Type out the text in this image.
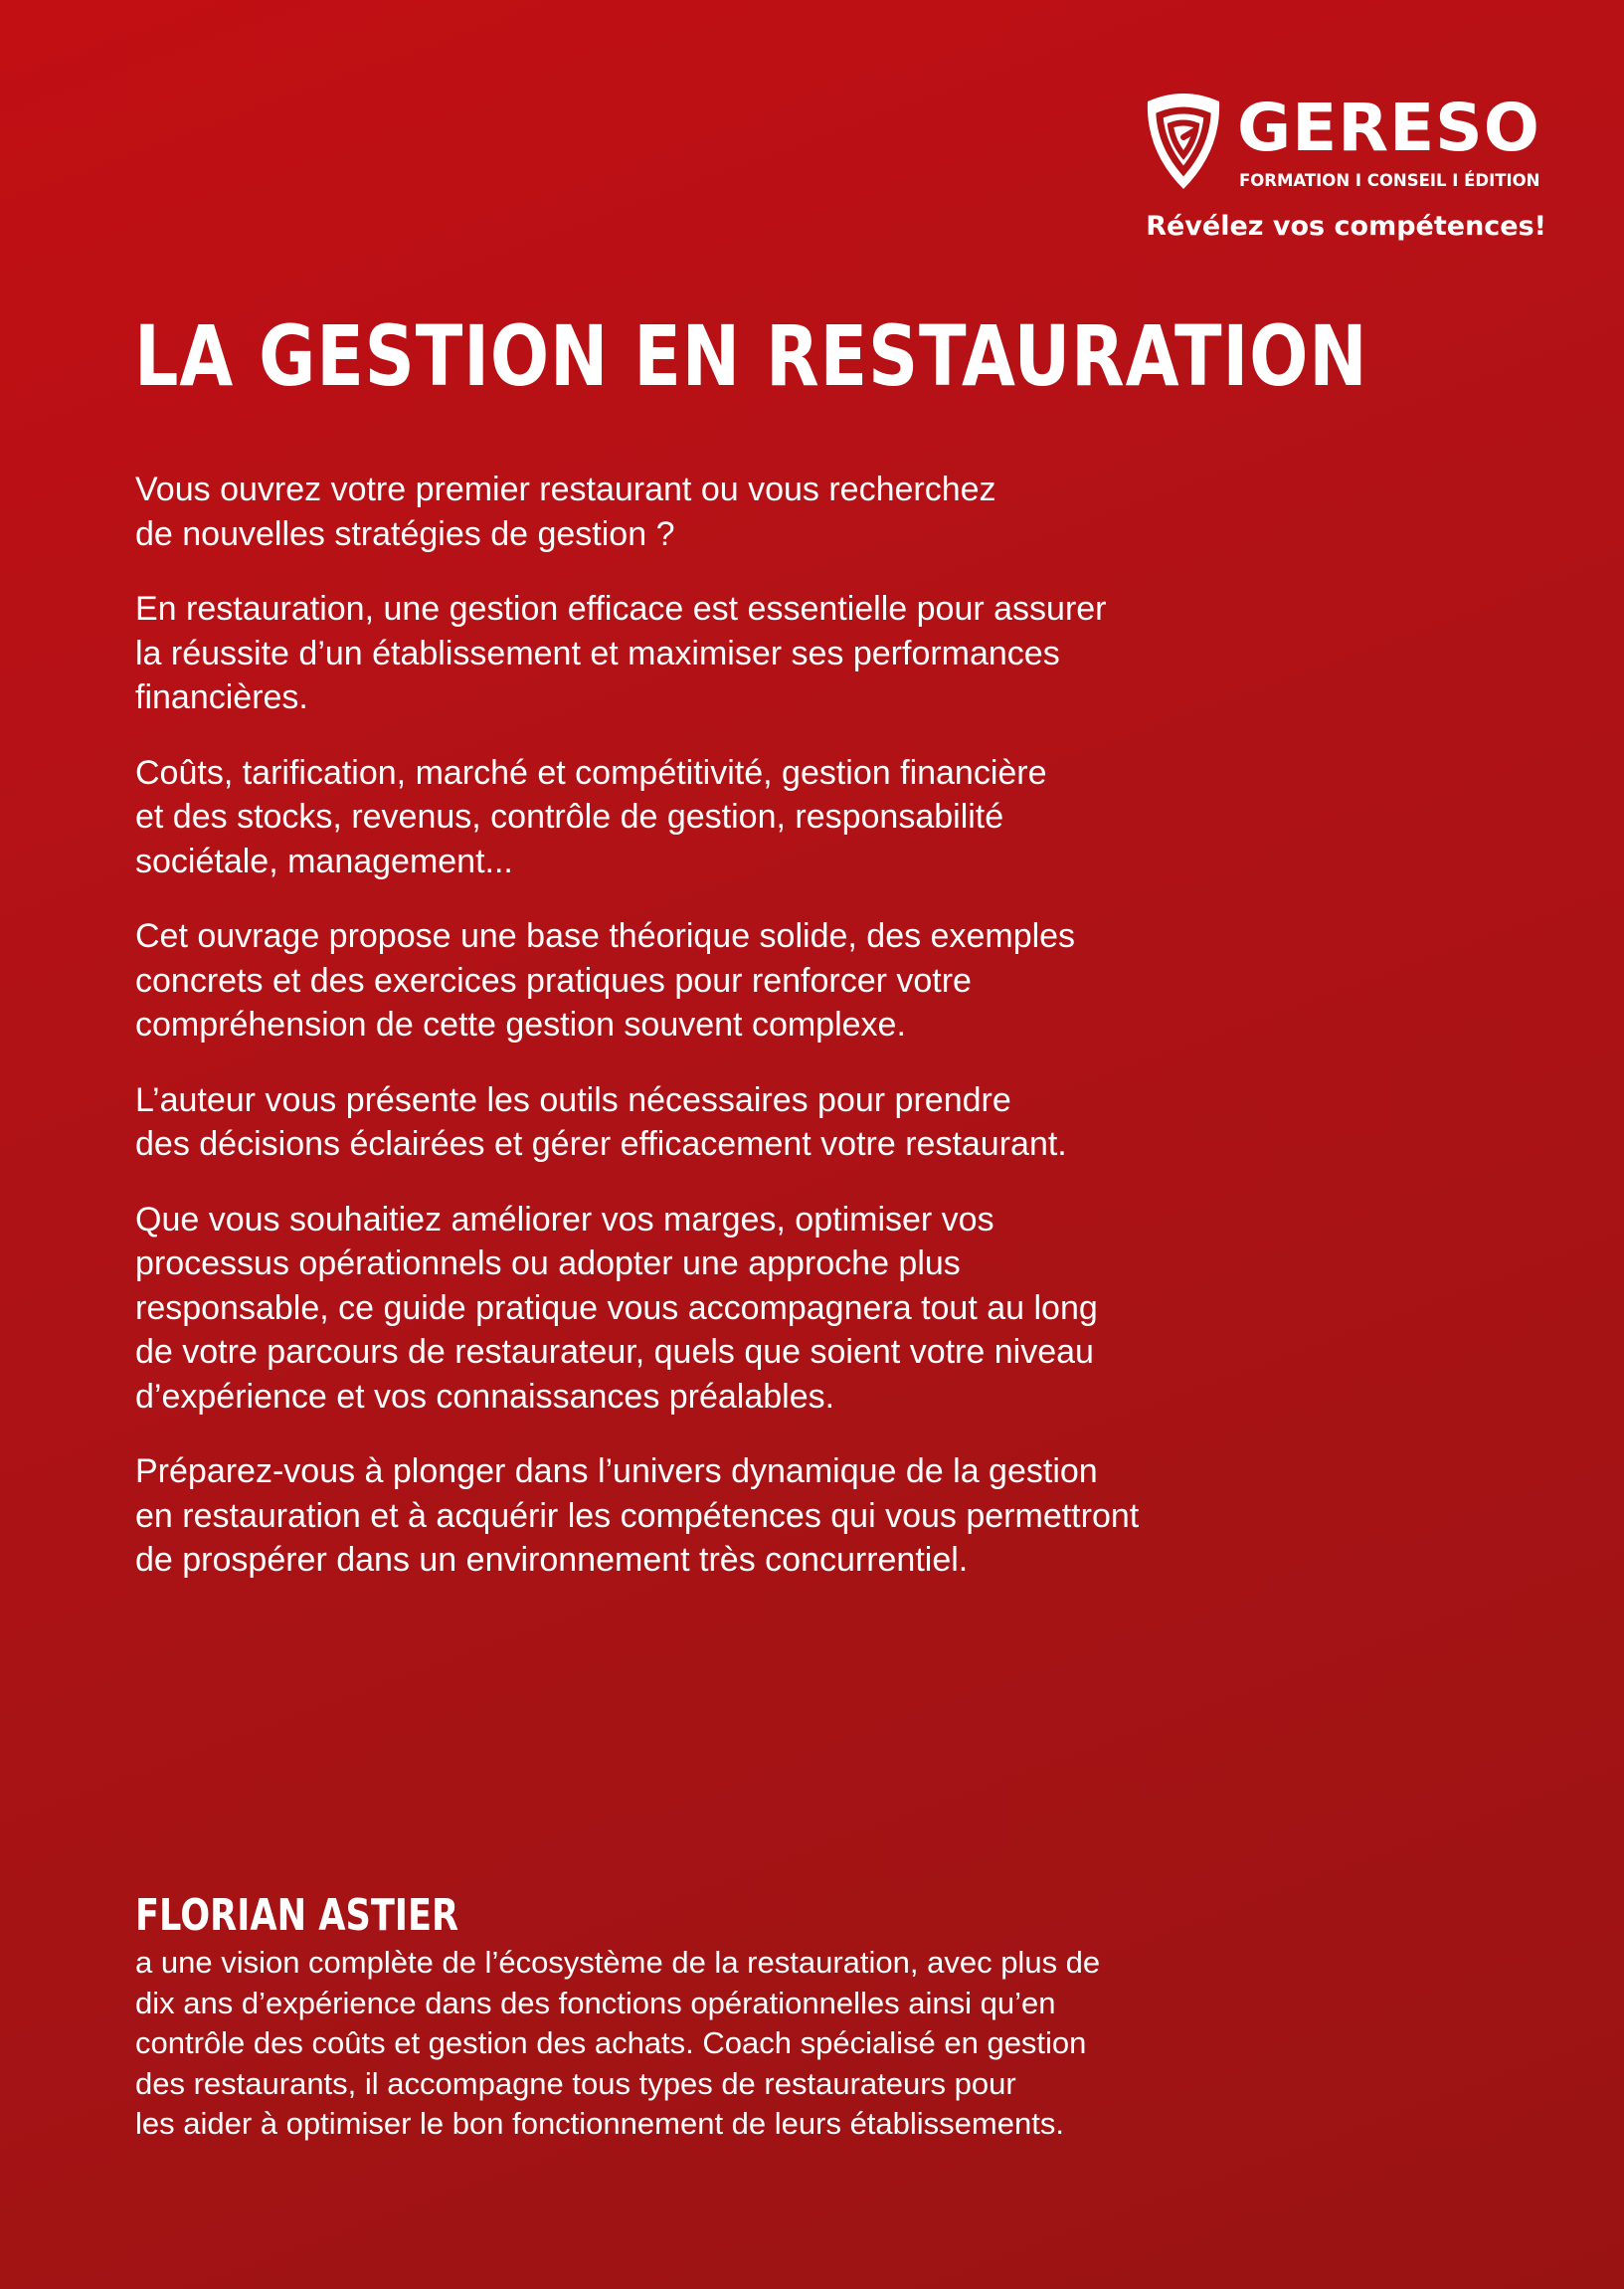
GERESO
FORMATION I CONSEIL I ÉDITION
Révélez vos compétences!
LA GESTION EN RESTAURATION

Vous ouvrez votre premier restaurant ou vous recherchez
de nouvelles stratégies de gestion ?

En restauration, une gestion efficace est essentielle pour assurer
la réussite d’un établissement et maximiser ses performances
financières.

Coûts, tarification, marché et compétitivité, gestion financière
et des stocks, revenus, contrôle de gestion, responsabilité
sociétale, management...

Cet ouvrage propose une base théorique solide, des exemples
concrets et des exercices pratiques pour renforcer votre
compréhension de cette gestion souvent complexe.

L’auteur vous présente les outils nécessaires pour prendre
des décisions éclairées et gérer efficacement votre restaurant.

Que vous souhaitiez améliorer vos marges, optimiser vos
processus opérationnels ou adopter une approche plus
responsable, ce guide pratique vous accompagnera tout au long
de votre parcours de restaurateur, quels que soient votre niveau
d’expérience et vos connaissances préalables.

Préparez-vous à plonger dans l’univers dynamique de la gestion
en restauration et à acquérir les compétences qui vous permettront
de prospérer dans un environnement très concurrentiel.

FLORIAN ASTIER

a une vision complète de l’écosystème de la restauration, avec plus de
dix ans d’expérience dans des fonctions opérationnelles ainsi qu’en
contrôle des coûts et gestion des achats. Coach spécialisé en gestion
des restaurants, il accompagne tous types de restaurateurs pour
les aider à optimiser le bon fonctionnement de leurs établissements.
